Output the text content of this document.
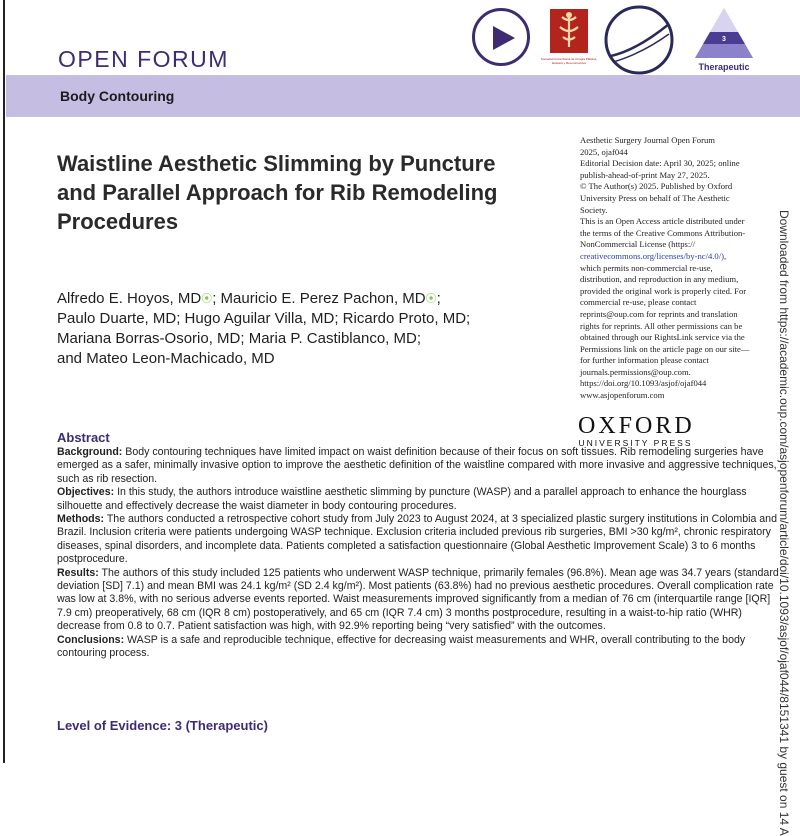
OPEN FORUM	Sociedad Colombiana de Cirugía Plástica, Estética y Reconstructiva
3
Therapeutic
Body Contouring
Waistline Aesthetic Slimming by Puncture and Parallel Approach for Rib Remodeling Procedures
Alfredo E. Hoyos, MD⦿; Mauricio E. Perez Pachon, MD⦿;
Paulo Duarte, MD; Hugo Aguilar Villa, MD; Ricardo Proto, MD;
Mariana Borras-Osorio, MD; Maria P. Castiblanco, MD;
and Mateo Leon-Machicado, MD

Aesthetic Surgery Journal Open Forum

2025, ojaf044

Editorial Decision date: April 30, 2025; online

publish-ahead-of-print May 27, 2025.

© The Author(s) 2025. Published by Oxford

University Press on behalf of The Aesthetic

Society.

This is an Open Access article distributed under

the terms of the Creative Commons Attribution-

NonCommercial License (https://

creativecommons.org/licenses/by-nc/4.0/),

which permits non-commercial re-use,

distribution, and reproduction in any medium,

provided the original work is properly cited. For

commercial re-use, please contact

reprints@oup.com for reprints and translation

rights for reprints. All other permissions can be

obtained through our RightsLink service via the

Permissions link on the article page on our site—

for further information please contact

journals.permissions@oup.com.

https://doi.org/10.1093/asjof/ojaf044

www.asjopenforum.com

OXFORD
UNIVERSITY PRESS	Downloaded from https://academic.oup.com/asjopenforum/article/doi/10.1093/asjof/ojaf044/8151341 by guest on 14 A
Abstract

Background: Body contouring techniques have limited impact on waist definition because of their focus on soft tissues. Rib remodeling surgeries have emerged as a safer, minimally invasive option to improve the aesthetic definition of the waistline compared with more invasive and aggressive techniques, such as rib resection.

Objectives: In this study, the authors introduce waistline aesthetic slimming by puncture (WASP) and a parallel approach to enhance the hourglass silhouette and effectively decrease the waist diameter in body contouring procedures.

Methods: The authors conducted a retrospective cohort study from July 2023 to August 2024, at 3 specialized plastic surgery institutions in Colombia and Brazil. Inclusion criteria were patients undergoing WASP technique. Exclusion criteria included previous rib surgeries, BMI >30 kg/m², chronic respiratory diseases, spinal disorders, and incomplete data. Patients completed a satisfaction questionnaire (Global Aesthetic Improvement Scale) 3 to 6 months postprocedure.

Results: The authors of this study included 125 patients who underwent WASP technique, primarily females (96.8%). Mean age was 34.7 years (standard deviation [SD] 7.1) and mean BMI was 24.1 kg/m² (SD 2.4 kg/m²). Most patients (63.8%) had no previous aesthetic procedures. Overall complication rate was low at 3.8%, with no serious adverse events reported. Waist measurements improved significantly from a median of 76 cm (interquartile range [IQR] 7.9 cm) preoperatively, 68 cm (IQR 8 cm) postoperatively, and 65 cm (IQR 7.4 cm) 3 months postprocedure, resulting in a waist-to-hip ratio (WHR) decrease from 0.8 to 0.7. Patient satisfaction was high, with 92.9% reporting being “very satisfied” with the outcomes.

Conclusions: WASP is a safe and reproducible technique, effective for decreasing waist measurements and WHR, overall contributing to the body contouring process.

Level of Evidence: 3 (Therapeutic)
